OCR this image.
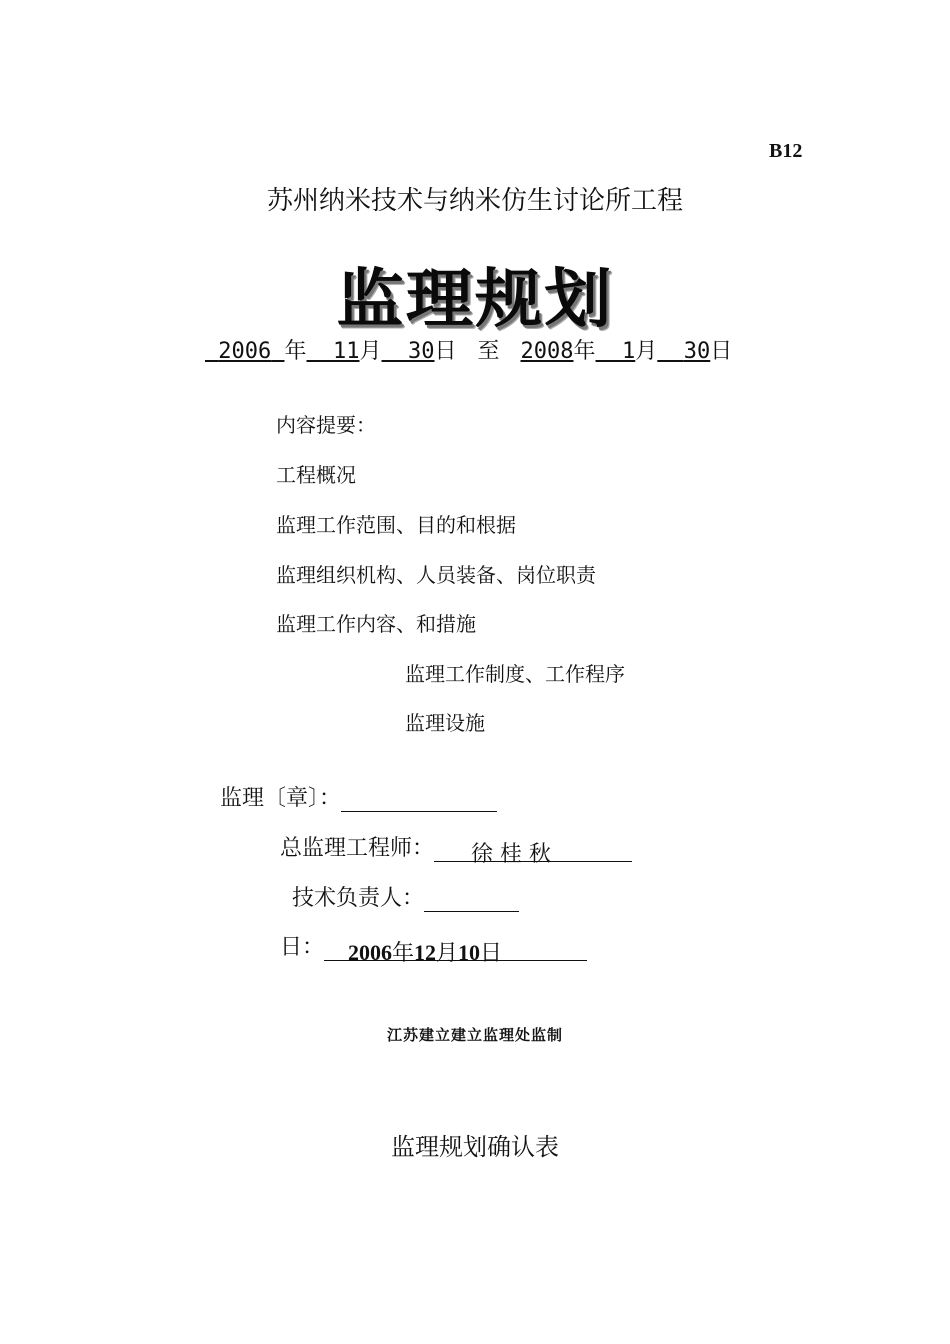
B12
苏州纳米技术与纳米仿生讨论所工程
监理规划
2006 年 11月 30日 至 2008年 1月 30日
内容提要：
工程概况
监理工作范围、目的和根据
监理组织机构、人员装备、岗位职责
监理工作内容、和措施
监理工作制度、工作程序
监理设施
监理〔章〕：
总监理工程师： 徐 桂 秋
技术负责人：
日： 2006年12月10日
江苏建立建立监理处监制
监理规划确认表
